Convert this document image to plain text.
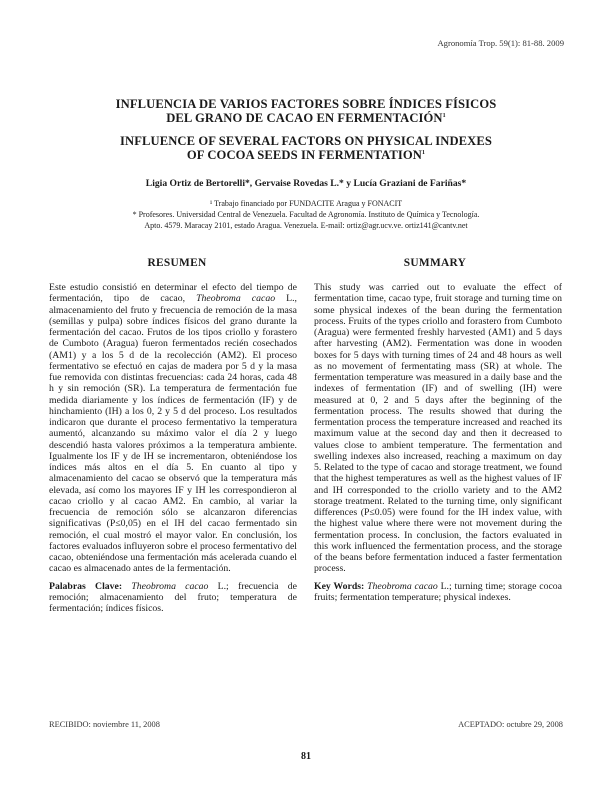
Agronomía Trop. 59(1): 81-88. 2009
INFLUENCIA DE VARIOS FACTORES SOBRE ÍNDICES FÍSICOS
DEL GRANO DE CACAO EN FERMENTACIÓN$^1$
INFLUENCE OF SEVERAL FACTORS ON PHYSICAL INDEXES
OF COCOA SEEDS IN FERMENTATION$^1$
Ligia Ortiz de Bertorelli*, Gervaise Rovedas L.* y Lucía Graziani de Fariñas*
¹ Trabajo financiado por FUNDACITE Aragua y FONACIT
* Profesores. Universidad Central de Venezuela. Facultad de Agronomía. Instituto de Química y Tecnología.
Apto. 4579. Maracay 2101, estado Aragua. Venezuela. E-mail: ortiz@agr.ucv.ve. ortiz141@cantv.net
RESUMEN	SUMMARY

Este estudio consistió en determinar el efecto del tiempo de fermentación, tipo de cacao, Theobroma cacao L., almacenamiento del fruto y frecuencia de remoción de la masa (semillas y pulpa) sobre índices físicos del grano durante la fermentación del cacao. Frutos de los tipos criollo y forastero de Cumboto (Aragua) fueron fermentados recién cosechados (AM1) y a los 5 d de la recolección (AM2). El proceso fermentativo se efectuó en cajas de madera por 5 d y la masa fue removida con distintas frecuencias: cada 24 horas, cada 48 h y sin remoción (SR). La temperatura de fermentación fue medida diariamente y los índices de fermentación (IF) y de hinchamiento (IH) a los 0, 2 y 5 d del proceso. Los resultados indicaron que durante el proceso fermentativo la temperatura aumentó, alcanzando su máximo valor el día 2 y luego descendió hasta valores próximos a la temperatura ambiente. Igualmente los IF y de IH se incrementaron, obteniéndose los índices más altos en el día 5. En cuanto al tipo y almacenamiento del cacao se observó que la temperatura más elevada, así como los mayores IF y IH les correspondieron al cacao criollo y al cacao AM2. En cambio, al variar la frecuencia de remoción sólo se alcanzaron diferencias significativas (P≤0,05) en el IH del cacao fermentado sin remoción, el cual mostró el mayor valor. En conclusión, los factores evaluados influyeron sobre el proceso fermentativo del cacao, obteniéndose una fermentación más acelerada cuando el cacao es almacenado antes de la fermentación.

Palabras Clave: Theobroma cacao L.; frecuencia de remoción; almacenamiento del fruto; temperatura de fermentación; índices físicos.

This study was carried out to evaluate the effect of fermentation time, cacao type, fruit storage and turning time on some physical indexes of the bean during the fermentation process. Fruits of the types criollo and forastero from Cumboto (Aragua) were fermented freshly harvested (AM1) and 5 days after harvesting (AM2). Fermentation was done in wooden boxes for 5 days with turning times of 24 and 48 hours as well as no movement of fermentating mass (SR) at whole. The fermentation temperature was measured in a daily base and the indexes of fermentation (IF) and of swelling (IH) were measured at 0, 2 and 5 days after the beginning of the fermentation process. The results showed that during the fermentation process the temperature increased and reached its maximum value at the second day and then it decreased to values close to ambient temperature. The fermentation and swelling indexes also increased, reaching a maximum on day 5. Related to the type of cacao and storage treatment, we found that the highest temperatures as well as the highest values of IF and IH corresponded to the criollo variety and to the AM2 storage treatment. Related to the turning time, only significant differences (P≤0.05) were found for the IH index value, with the highest value where there were not movement during the fermentation process. In conclusion, the factors evaluated in this work influenced the fermentation process, and the storage of the beans before fermentation induced a faster fermentation process.

Key Words: Theobroma cacao L.; turning time; storage cocoa fruits; fermentation temperature; physical indexes.

RECIBIDO: noviembre 11, 2008	ACEPTADO: octubre 29, 2008
81
